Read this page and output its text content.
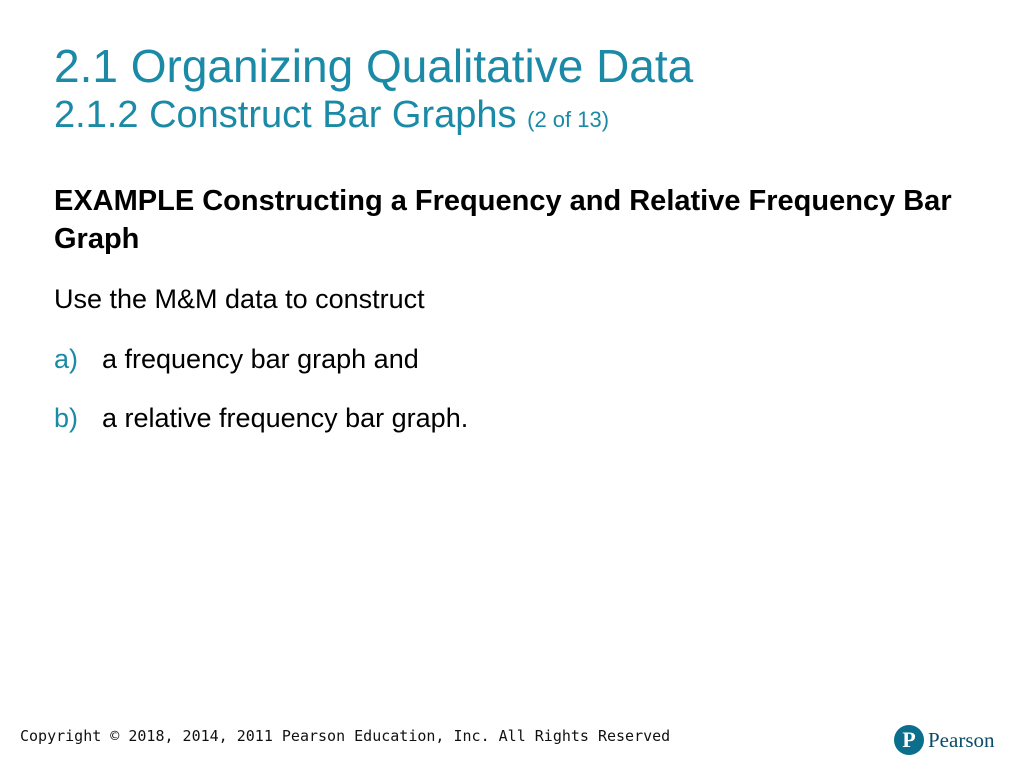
2.1 Organizing Qualitative Data
2.1.2 Construct Bar Graphs (2 of 13)
EXAMPLE Constructing a Frequency and Relative Frequency Bar Graph
Use the M&M data to construct
a) a frequency bar graph and
b) a relative frequency bar graph.
Copyright © 2018, 2014, 2011 Pearson Education, Inc. All Rights Reserved	P Pearson
